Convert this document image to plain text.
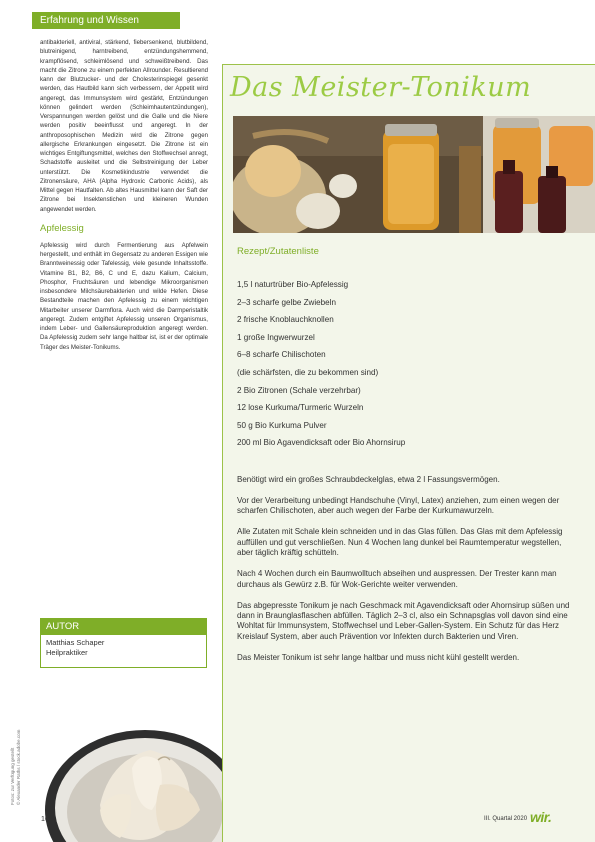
Erfahrung und Wissen

antibakteriell, antiviral, stärkend, fiebersenkend, blutbildend, blutreinigend, harntreibend, entzündungshemmend, krampflösend, schleimlösend und schweißtreibend. Das macht die Zitrone zu einem perfekten Allrounder. Resultierend kann der Blutzucker- und der Cholesterinspiegel gesenkt werden, das Hautbild kann sich verbessern, der Appetit wird angeregt, das Immunsystem wird gestärkt, Entzündungen können gelindert werden (Schleimhautentzündungen), Verspannungen werden gelöst und die Galle und die Niere werden positiv beeinflusst und angeregt. In der anthroposophischen Medizin wird die Zitrone gegen allergische Erkrankungen eingesetzt. Die Zitrone ist ein wichtiges Entgiftungsmittel, welches den Stoffwechsel anregt, Schadstoffe ausleitet und die Selbstreinigung der Leber unterstützt. Die Kosmetikindustrie verwendet die Zitronensäure, AHA (Alpha Hydroxic Carbonic Acids), als Mittel gegen Hautfalten. Ab altes Hausmittel kann der Saft der Zitrone bei Insektenstichen und kleineren Wunden angewendet werden.

Apfelessig

Apfelessig wird durch Fermentierung aus Apfelwein hergestellt, und enthält im Gegensatz zu anderen Essigen wie Branntweinessig oder Tafelessig, viele gesunde Inhaltsstoffe. Vitamine B1, B2, B6, C und E, dazu Kalium, Calcium, Phosphor, Fruchtsäuren und lebendige Mikroorganismen insbesondere Milchsäurebakterien und wilde Hefen. Diese Bestandteile machen den Apfelessig zu einem wichtigen Mitarbeiter unserer Darmflora. Auch wird die Darmperistaltik angeregt. Zudem entgiftet Apfelessig unseren Organismus, indem Leber- und Gallensäureproduktion angeregt werden. Da Apfelessig zudem sehr lange haltbar ist, ist er der optimale Träger des Meister-Tonikums.

AUTOR
Matthias Schaper
Heilpraktiker
Fotos: zur Verfügung gestellt © Alexander Raths / stock.adobe.com
Das Meister-Tonikum
Rezept/Zutatenliste
1,5 l naturtrüber Bio-Apfelessig
2–3 scharfe gelbe Zwiebeln
2 frische Knoblauchknollen
1 große Ingwerwurzel
6–8 scharfe Chilischoten
(die schärfsten, die zu bekommen sind)
2 Bio Zitronen (Schale verzehrbar)
12 lose Kurkuma/Turmeric Wurzeln
50 g Bio Kurkuma Pulver
200 ml Bio Agavendicksaft oder Bio Ahornsirup

Benötigt wird ein großes Schraubdeckelglas, etwa 2 l Fassungsvermögen.

Vor der Verarbeitung unbedingt Handschuhe (Vinyl, Latex) anziehen, zum einen wegen der scharfen Chilischoten, aber auch wegen der Farbe der Kurkumawurzeln.

Alle Zutaten mit Schale klein schneiden und in das Glas füllen. Das Glas mit dem Apfelessig auffüllen und gut verschließen. Nun 4 Wochen lang dunkel bei Raumtemperatur wegstellen, aber täglich kräftig schütteln.

Nach 4 Wochen durch ein Baumwolltuch abseihen und auspressen. Der Trester kann man durchaus als Gewürz z.B. für Wok-Gerichte weiter verwenden.

Das abgepresste Tonikum je nach Geschmack mit Agavendicksaft oder Ahornsirup süßen und dann in Braunglasflaschen abfüllen. Täglich 2–3 cl, also ein Schnapsglas voll davon sind eine Wohltat für Immunsystem, Stoffwechsel und Leber-Gallen-System. Ein Schutz für das Herz Kreislauf System, aber auch Prävention vor Infekten durch Bakterien und Viren.

Das Meister Tonikum ist sehr lange haltbar und muss nicht kühl gestellt werden.

16	III. Quartal 2020 wir.
